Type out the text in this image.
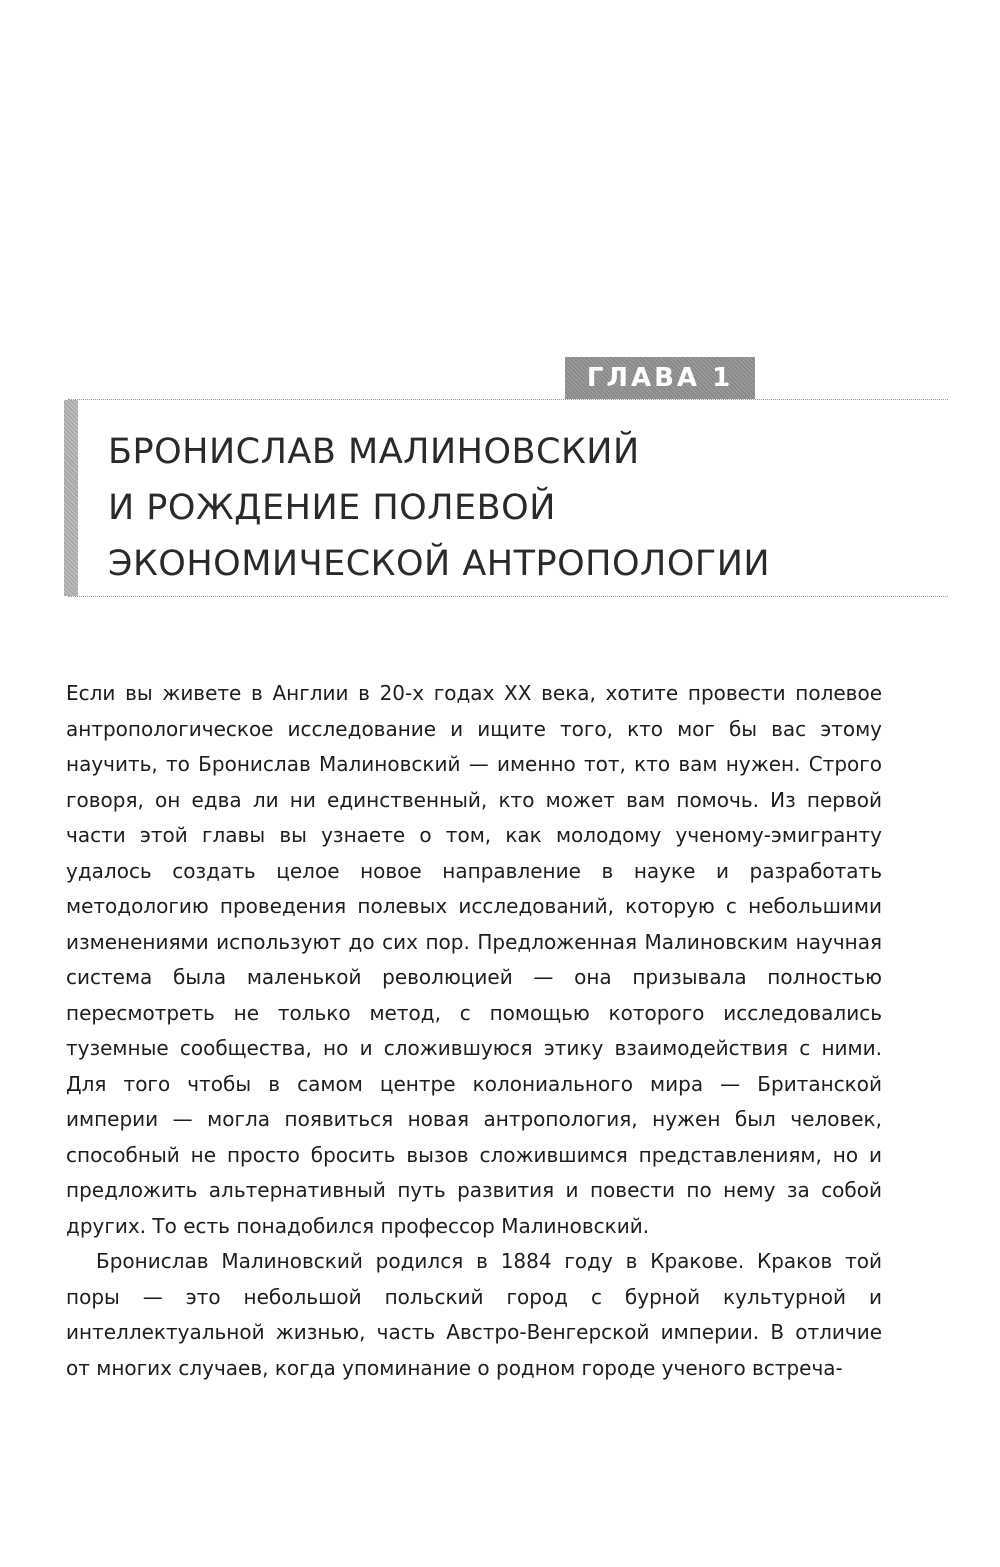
ГЛАВА 1
БРОНИСЛАВ МАЛИНОВСКИЙ
И РОЖДЕНИЕ ПОЛЕВОЙ
ЭКОНОМИЧЕСКОЙ АНТРОПОЛОГИИ

Если вы живете в Англии в 20-х годах XX века, хотите провести полевое антропологическое исследование и ищите того, кто мог бы вас этому научить, то Бронислав Малиновский — именно тот, кто вам нужен. Строго говоря, он едва ли ни единственный, кто может вам помочь. Из первой части этой главы вы узнаете о том, как молодому ученому-эмигранту удалось создать целое новое направление в науке и разработать методологию проведения полевых исследований, которую с небольшими изменениями используют до сих пор. Предложенная Малиновским научная система была маленькой революцией — она призывала полностью пересмотреть не только метод, с помощью которого исследовались туземные сообщества, но и сложившуюся этику взаимодействия с ними. Для того чтобы в самом центре колониального мира — Британской империи — могла появиться новая антропология, нужен был человек, способный не просто бросить вызов сложившимся представлениям, но и предложить альтернативный путь развития и повести по нему за собой других. То есть понадобился профессор Малиновский.

Бронислав Малиновский родился в 1884 году в Кракове. Краков той поры — это небольшой польский город с бурной культурной и интеллектуальной жизнью, часть Австро-Венгерской империи. В отличие от многих случаев, когда упоминание о родном городе ученого встреча-
